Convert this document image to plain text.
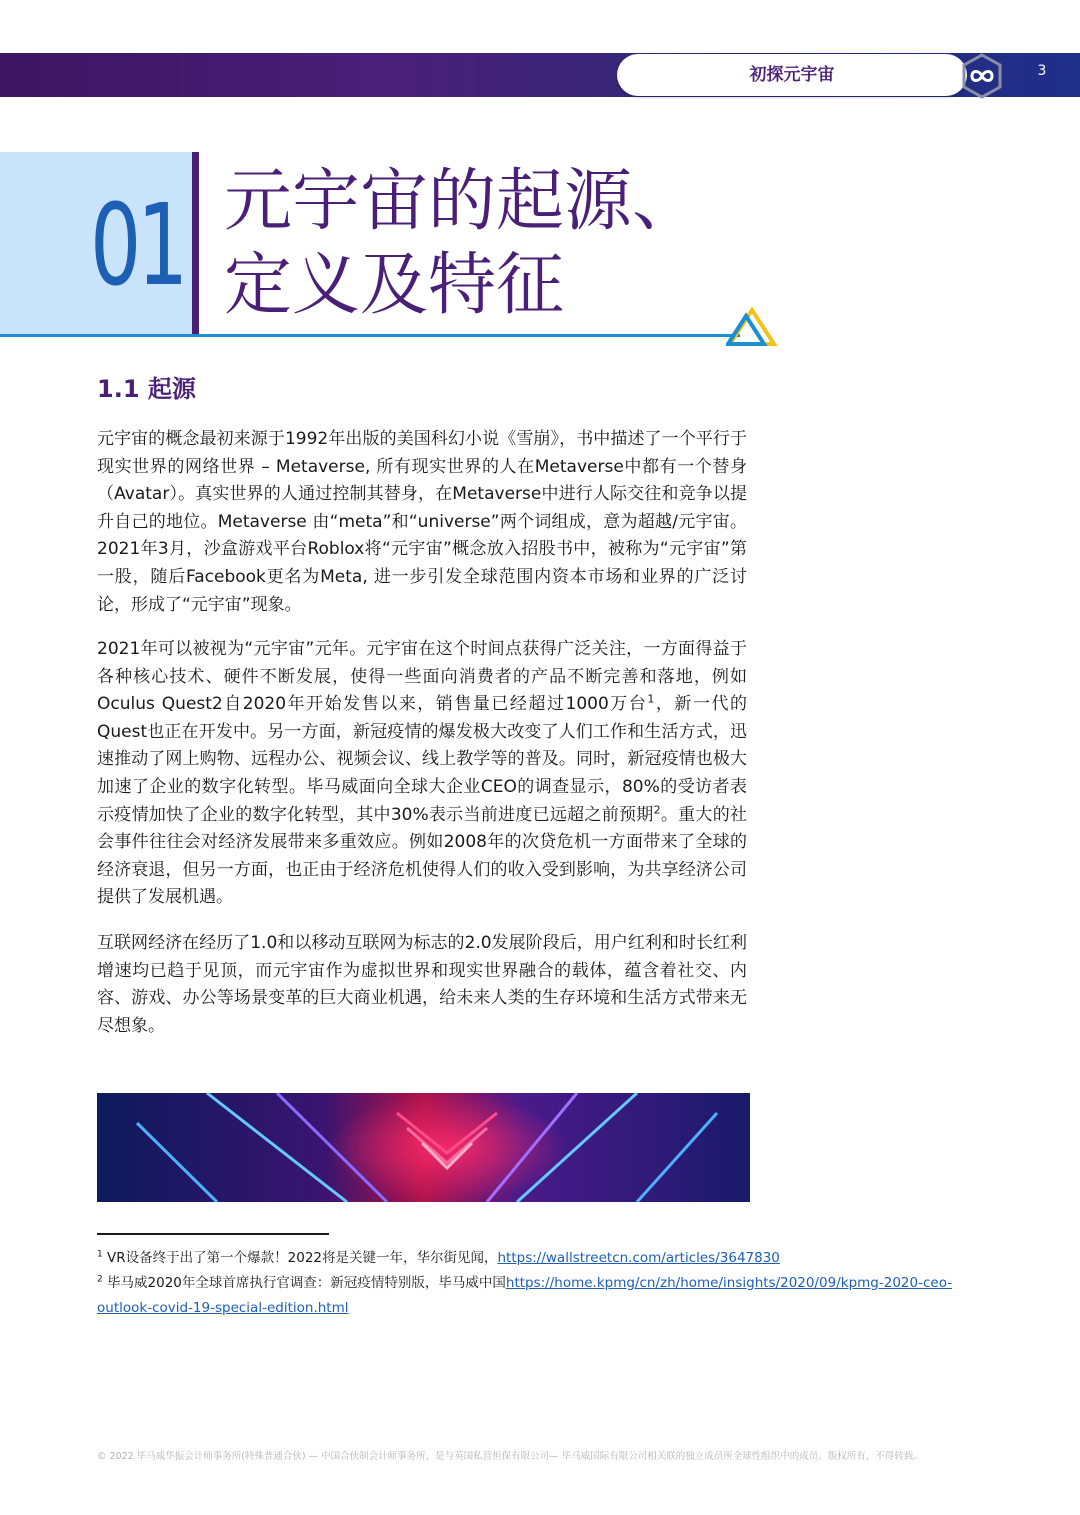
初探元宇宙	3
01 元宇宙的起源、
定义及特征
1.1 起源

元宇宙的概念最初来源于1992年出版的美国科幻小说《雪崩》，书中描述了一个平行于现实世界的网络世界 – Metaverse, 所有现实世界的人在Metaverse中都有一个替身（Avatar）。真实世界的人通过控制其替身，在Metaverse中进行人际交往和竞争以提升自己的地位。Metaverse 由“meta”和“universe”两个词组成，意为超越/元宇宙。2021年3月，沙盒游戏平台Roblox将“元宇宙”概念放入招股书中，被称为“元宇宙”第一股，随后Facebook更名为Meta, 进一步引发全球范围内资本市场和业界的广泛讨论，形成了“元宇宙”现象。

2021年可以被视为“元宇宙”元年。元宇宙在这个时间点获得广泛关注，一方面得益于各种核心技术、硬件不断发展，使得一些面向消费者的产品不断完善和落地，例如Oculus Quest2自2020年开始发售以来，销售量已经超过1000万台$^1$，新一代的Quest也正在开发中。另一方面，新冠疫情的爆发极大改变了人们工作和生活方式，迅速推动了网上购物、远程办公、视频会议、线上教学等的普及。同时，新冠疫情也极大加速了企业的数字化转型。毕马威面向全球大企业CEO的调查显示，80%的受访者表示疫情加快了企业的数字化转型，其中30%表示当前进度已远超之前预期$^2$。重大的社会事件往往会对经济发展带来多重效应。例如2008年的次贷危机一方面带来了全球的经济衰退，但另一方面，也正由于经济危机使得人们的收入受到影响，为共享经济公司提供了发展机遇。

互联网经济在经历了1.0和以移动互联网为标志的2.0发展阶段后，用户红利和时长红利增速均已趋于见顶，而元宇宙作为虚拟世界和现实世界融合的载体，蕴含着社交、内容、游戏、办公等场景变革的巨大商业机遇，给未来人类的生存环境和生活方式带来无尽想象。

$^1$ VR设备终于出了第一个爆款！2022将是关键一年，华尔街见闻，https://wallstreetcn.com/articles/3647830

$^2$ 毕马威2020年全球首席执行官调查：新冠疫情特别版，毕马威中国https://home.kpmg/cn/zh/home/insights/2020/09/kpmg-2020-ceo-outlook-covid-19-special-edition.html

© 2022 毕马威华振会计师事务所(特殊普通合伙) — 中国合伙制会计师事务所，是与英国私营担保有限公司— 毕马威国际有限公司相关联的独立成员所全球性组织中的成员。版权所有，不得转载。
